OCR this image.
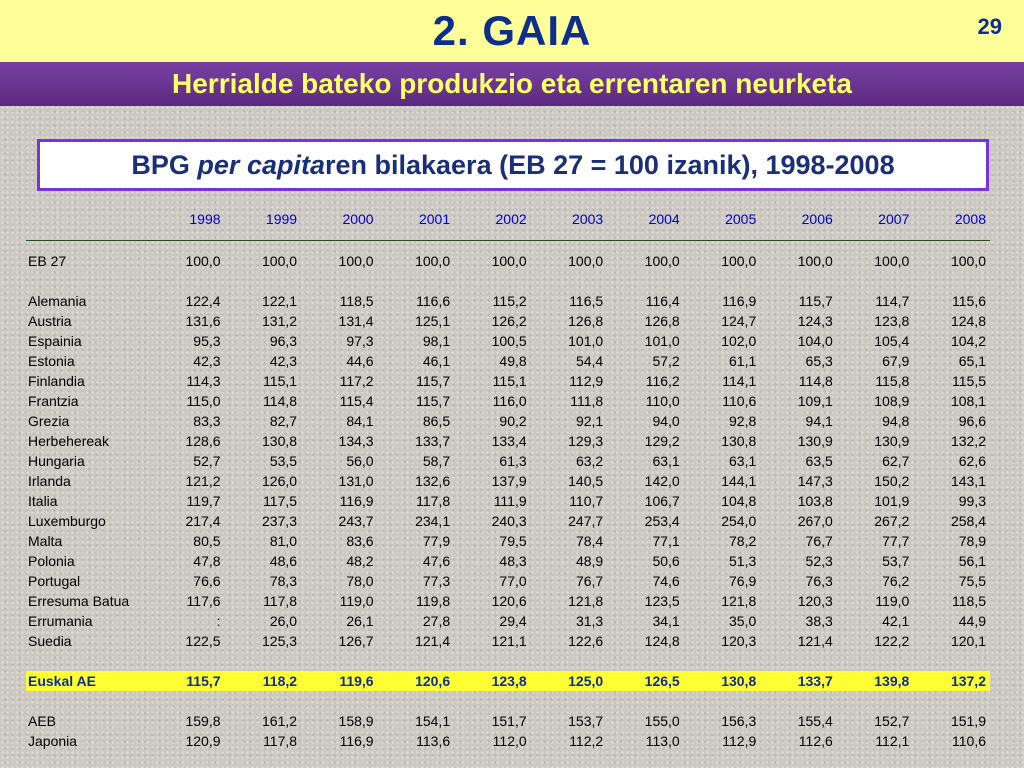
2. GAIA	29
Herrialde bateko produkzio eta errentaren neurketa
BPG per capitaren bilakaera (EB 27 = 100 izanik), 1998-2008
	1998	1999	2000	2001	2002	2003	2004	2005	2006	2007	2008

EB 27	100,0	100,0	100,0	100,0	100,0	100,0	100,0	100,0	100,0	100,0	100,0

Alemania	122,4	122,1	118,5	116,6	115,2	116,5	116,4	116,9	115,7	114,7	115,6
Austria	131,6	131,2	131,4	125,1	126,2	126,8	126,8	124,7	124,3	123,8	124,8
Espainia	95,3	96,3	97,3	98,1	100,5	101,0	101,0	102,0	104,0	105,4	104,2
Estonia	42,3	42,3	44,6	46,1	49,8	54,4	57,2	61,1	65,3	67,9	65,1
Finlandia	114,3	115,1	117,2	115,7	115,1	112,9	116,2	114,1	114,8	115,8	115,5
Frantzia	115,0	114,8	115,4	115,7	116,0	111,8	110,0	110,6	109,1	108,9	108,1
Grezia	83,3	82,7	84,1	86,5	90,2	92,1	94,0	92,8	94,1	94,8	96,6
Herbehereak	128,6	130,8	134,3	133,7	133,4	129,3	129,2	130,8	130,9	130,9	132,2
Hungaria	52,7	53,5	56,0	58,7	61,3	63,2	63,1	63,1	63,5	62,7	62,6
Irlanda	121,2	126,0	131,0	132,6	137,9	140,5	142,0	144,1	147,3	150,2	143,1
Italia	119,7	117,5	116,9	117,8	111,9	110,7	106,7	104,8	103,8	101,9	99,3
Luxemburgo	217,4	237,3	243,7	234,1	240,3	247,7	253,4	254,0	267,0	267,2	258,4
Malta	80,5	81,0	83,6	77,9	79,5	78,4	77,1	78,2	76,7	77,7	78,9
Polonia	47,8	48,6	48,2	47,6	48,3	48,9	50,6	51,3	52,3	53,7	56,1
Portugal	76,6	78,3	78,0	77,3	77,0	76,7	74,6	76,9	76,3	76,2	75,5
Erresuma Batua	117,6	117,8	119,0	119,8	120,6	121,8	123,5	121,8	120,3	119,0	118,5
Errumania	:	26,0	26,1	27,8	29,4	31,3	34,1	35,0	38,3	42,1	44,9
Suedia	122,5	125,3	126,7	121,4	121,1	122,6	124,8	120,3	121,4	122,2	120,1

Euskal AE	115,7	118,2	119,6	120,6	123,8	125,0	126,5	130,8	133,7	139,8	137,2

AEB	159,8	161,2	158,9	154,1	151,7	153,7	155,0	156,3	155,4	152,7	151,9
Japonia	120,9	117,8	116,9	113,6	112,0	112,2	113,0	112,9	112,6	112,1	110,6
